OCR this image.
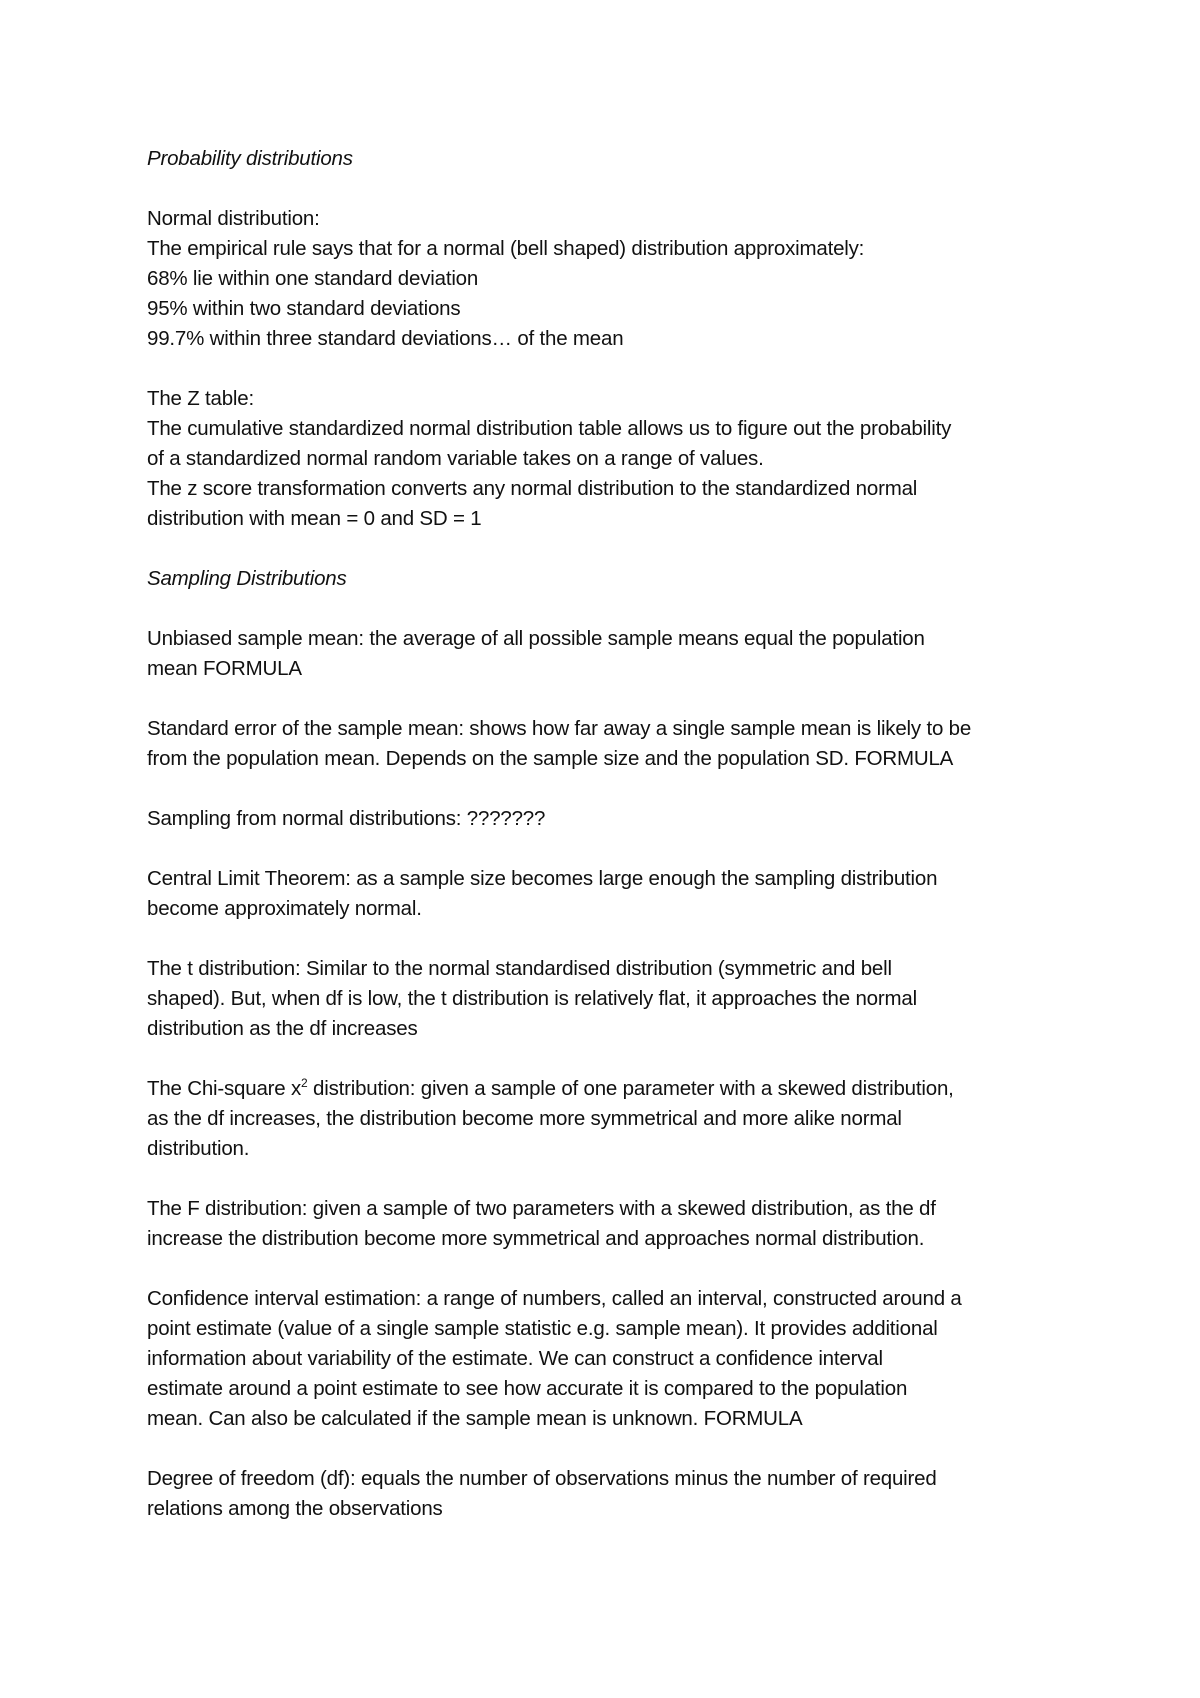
Probability distributions
Normal distribution:
The empirical rule says that for a normal (bell shaped) distribution approximately:
68% lie within one standard deviation
95% within two standard deviations
99.7% within three standard deviations… of the mean
The Z table:
The cumulative standardized normal distribution table allows us to figure out the probability
of a standardized normal random variable takes on a range of values.
The z score transformation converts any normal distribution to the standardized normal
distribution with mean = 0 and SD = 1
Sampling Distributions
Unbiased sample mean: the average of all possible sample means equal the population
mean FORMULA
Standard error of the sample mean: shows how far away a single sample mean is likely to be
from the population mean. Depends on the sample size and the population SD. FORMULA
Sampling from normal distributions: ???????
Central Limit Theorem: as a sample size becomes large enough the sampling distribution
become approximately normal.
The t distribution: Similar to the normal standardised distribution (symmetric and bell
shaped). But, when df is low, the t distribution is relatively flat, it approaches the normal
distribution as the df increases
The Chi-square $x^2$ distribution: given a sample of one parameter with a skewed distribution,
as the df increases, the distribution become more symmetrical and more alike normal
distribution.
The F distribution: given a sample of two parameters with a skewed distribution, as the df
increase the distribution become more symmetrical and approaches normal distribution.
Confidence interval estimation: a range of numbers, called an interval, constructed around a
point estimate (value of a single sample statistic e.g. sample mean). It provides additional
information about variability of the estimate. We can construct a confidence interval
estimate around a point estimate to see how accurate it is compared to the population
mean. Can also be calculated if the sample mean is unknown. FORMULA
Degree of freedom (df): equals the number of observations minus the number of required
relations among the observations
